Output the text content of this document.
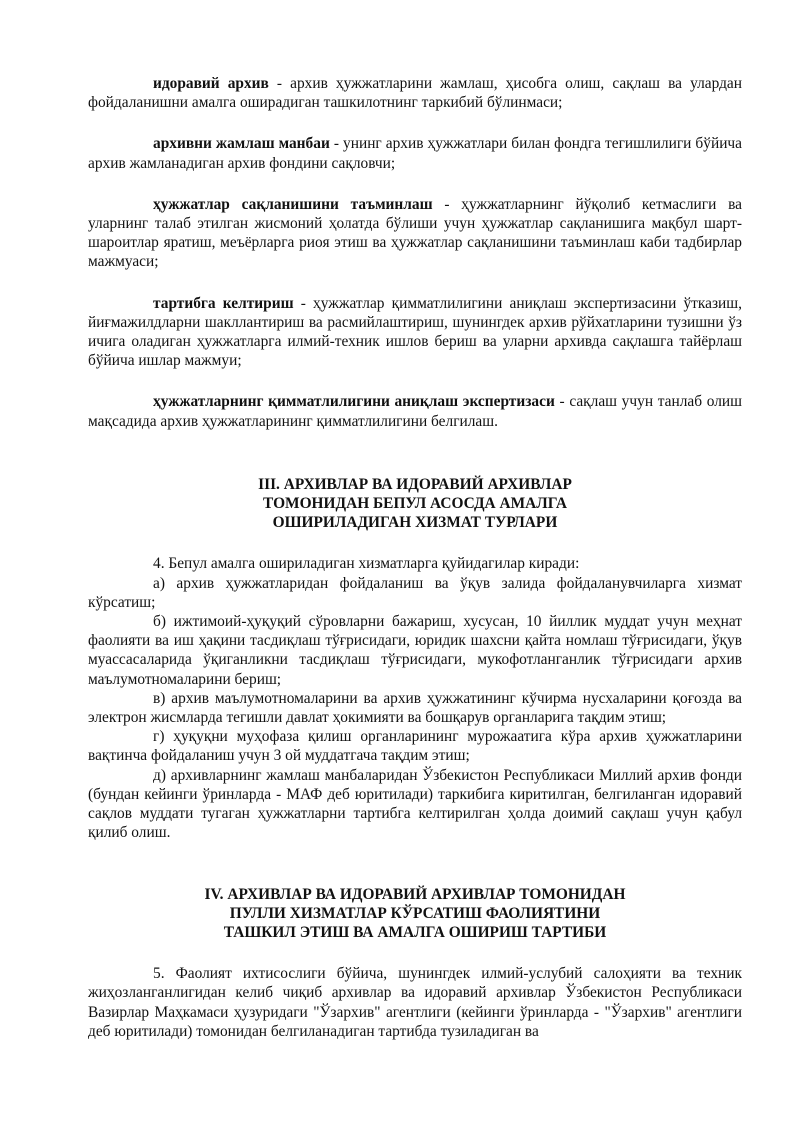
идоравий архив - архив ҳужжатларини жамлаш, ҳисобга олиш, сақлаш ва улардан фойдаланишни амалга оширадиган ташкилотнинг таркибий бўлинмаси;

архивни жамлаш манбаи - унинг архив ҳужжатлари билан фондга тегишлилиги бўйича архив жамланадиган архив фондини сақловчи;

ҳужжатлар сақланишини таъминлаш - ҳужжатларнинг йўқолиб кетмаслиги ва уларнинг талаб этилган жисмоний ҳолатда бўлиши учун ҳужжатлар сақланишига мақбул шарт-шароитлар яратиш, меъёрларга риоя этиш ва ҳужжатлар сақланишини таъминлаш каби тадбирлар мажмуаси;

тартибга келтириш - ҳужжатлар қимматлилигини аниқлаш экспертизасини ўтказиш, йиғмажилдларни шакллантириш ва расмийлаштириш, шунингдек архив рўйхатларини тузишни ўз ичига оладиган ҳужжатларга илмий-техник ишлов бериш ва уларни архивда сақлашга тайёрлаш бўйича ишлар мажмуи;

ҳужжатларнинг қимматлилигини аниқлаш экспертизаси - сақлаш учун танлаб олиш мақсадида архив ҳужжатларининг қимматлилигини белгилаш.

III. АРХИВЛАР ВА ИДОРАВИЙ АРХИВЛАР
ТОМОНИДАН БЕПУЛ АСОСДА АМАЛГА
ОШИРИЛАДИГАН ХИЗМАТ ТУРЛАРИ

4. Бепул амалга ошириладиган хизматларга қуйидагилар киради:

а) архив ҳужжатларидан фойдаланиш ва ўқув залида фойдаланувчиларга хизмат кўрсатиш;

б) ижтимоий-ҳуқуқий сўровларни бажариш, хусусан, 10 йиллик муддат учун меҳнат фаолияти ва иш ҳақини тасдиқлаш тўғрисидаги, юридик шахсни қайта номлаш тўғрисидаги, ўқув муассасаларида ўқиганликни тасдиқлаш тўғрисидаги, мукофотланганлик тўғрисидаги архив маълумотномаларини бериш;

в) архив маълумотномаларини ва архив ҳужжатининг кўчирма нусхаларини қоғозда ва электрон жисмларда тегишли давлат ҳокимияти ва бошқарув органларига тақдим этиш;

г) ҳуқуқни муҳофаза қилиш органларининг мурожаатига кўра архив ҳужжатларини вақтинча фойдаланиш учун 3 ой муддатгача тақдим этиш;

д) архивларнинг жамлаш манбаларидан Ўзбекистон Республикаси Миллий архив фонди (бундан кейинги ўринларда - МАФ деб юритилади) таркибига киритилган, белгиланган идоравий сақлов муддати тугаган ҳужжатларни тартибга келтирилган ҳолда доимий сақлаш учун қабул қилиб олиш.

IV. АРХИВЛАР ВА ИДОРАВИЙ АРХИВЛАР ТОМОНИДАН
ПУЛЛИ ХИЗМАТЛАР КЎРСАТИШ ФАОЛИЯТИНИ
ТАШКИЛ ЭТИШ ВА АМАЛГА ОШИРИШ ТАРТИБИ

5. Фаолият ихтисослиги бўйича, шунингдек илмий-услубий салоҳияти ва техник жиҳозланганлигидан келиб чиқиб архивлар ва идоравий архивлар Ўзбекистон Республикаси Вазирлар Маҳкамаси ҳузуридаги "Ўзархив" агентлиги (кейинги ўринларда - "Ўзархив" агентлиги деб юритилади) томонидан белгиланадиган тартибда тузиладиган ва
